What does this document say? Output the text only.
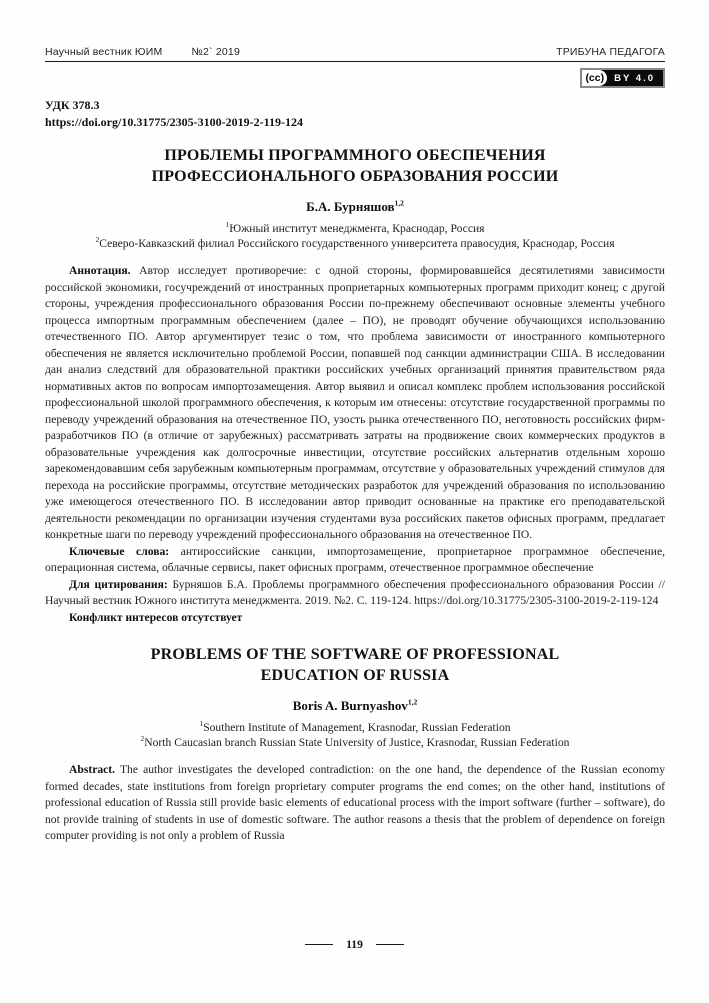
Научный вестник ЮИМ	№2` 2019	ТРИБУНА ПЕДАГОГА
(cc)	BY 4.0
УДК 378.3
https://doi.org/10.31775/2305-3100-2019-2-119-124
ПРОБЛЕМЫ ПРОГРАММНОГО ОБЕСПЕЧЕНИЯ
ПРОФЕССИОНАЛЬНОГО ОБРАЗОВАНИЯ РОССИИ
Б.А. Бурняшов$^{1,2}$
$^1$Южный институт менеджмента, Краснодар, Россия
$^2$Северо-Кавказский филиал Российского государственного университета правосудия, Краснодар, Россия
Аннотация. Автор исследует противоречие: с одной стороны, формировавшейся десятилетиями зависимости российской экономики, госучреждений от иностранных проприетарных компьютерных программ приходит конец; с другой стороны, учреждения профессионального образования России по-прежнему обеспечивают основные элементы учебного процесса импортным программным обеспечением (далее – ПО), не проводят обучение обучающихся использованию отечественного ПО. Автор аргументирует тезис о том, что проблема зависимости от иностранного компьютерного обеспечения не является исключительно проблемой России, попавшей под санкции администрации США. В исследовании дан анализ следствий для образовательной практики российских учебных организаций принятия правительством ряда нормативных актов по вопросам импортозамещения. Автор выявил и описал комплекс проблем использования российской профессиональной школой программного обеспечения, к которым им отнесены: отсутствие государственной программы по переводу учреждений образования на отечественное ПО, узость рынка отечественного ПО, неготовность российских фирм-разработчиков ПО (в отличие от зарубежных) рассматривать затраты на продвижение своих коммерческих продуктов в образовательные учреждения как долгосрочные инвестиции, отсутствие российских альтернатив отдельным хорошо зарекомендовавшим себя зарубежным компьютерным программам, отсутствие у образовательных учреждений стимулов для перехода на российские программы, отсутствие методических разработок для учреждений образования по использованию уже имеющегося отечественного ПО. В исследовании автор приводит основанные на практике его преподавательской деятельности рекомендации по организации изучения студентами вуза российских пакетов офисных программ, предлагает конкретные шаги по переводу учреждений профессионального образования на отечественное ПО.
Ключевые слова: антироссийские санкции, импортозамещение, проприетарное программное обеспечение, операционная система, облачные сервисы, пакет офисных программ, отечественное программное обеспечение
Для цитирования: Бурняшов Б.А. Проблемы программного обеспечения профессионального образования России // Научный вестник Южного института менеджмента. 2019. №2. С. 119-124. https://doi.org/10.31775/2305-3100-2019-2-119-124
Конфликт интересов отсутствует
PROBLEMS OF THE SOFTWARE OF PROFESSIONAL
EDUCATION OF RUSSIA
Boris A. Burnyashov$^{1,2}$
$^1$Southern Institute of Management, Krasnodar, Russian Federation
$^2$North Caucasian branch Russian State University of Justice, Krasnodar, Russian Federation
Abstract. The author investigates the developed contradiction: on the one hand, the dependence of the Russian economy formed decades, state institutions from foreign proprietary computer programs the end comes; on the other hand, institutions of professional education of Russia still provide basic elements of educational process with the import software (further – software), do not provide training of students in use of domestic software. The author reasons a thesis that the problem of dependence on foreign computer providing is not only a problem of Russia
119
